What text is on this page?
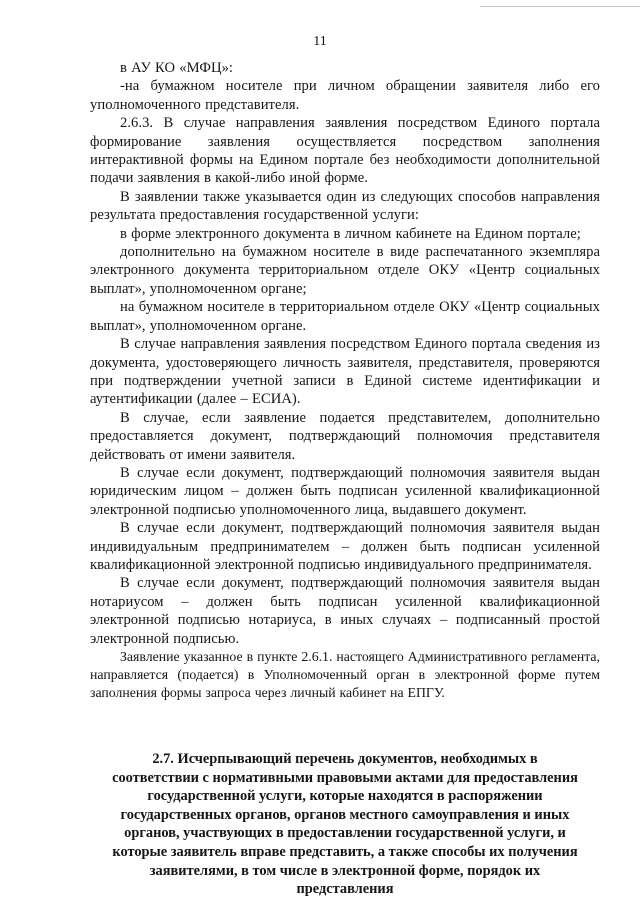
11

в АУ КО «МФЦ»:

-на бумажном носителе при личном обращении заявителя либо его уполномоченного представителя.

2.6.3. В случае направления заявления посредством Единого портала формирование заявления осуществляется посредством заполнения интерактивной формы на Едином портале без необходимости дополнительной подачи заявления в какой-либо иной форме.

В заявлении также указывается один из следующих способов направления результата предоставления государственной услуги:

в форме электронного документа в личном кабинете на Едином портале;

дополнительно на бумажном носителе в виде распечатанного экземпляра электронного документа территориальном отделе ОКУ «Центр социальных выплат», уполномоченном органе;

на бумажном носителе в территориальном отделе ОКУ «Центр социальных выплат», уполномоченном органе.

В случае направления заявления посредством Единого портала сведения из документа, удостоверяющего личность заявителя, представителя, проверяются при подтверждении учетной записи в Единой системе идентификации и аутентификации (далее – ЕСИА).

В случае, если заявление подается представителем, дополнительно предоставляется документ, подтверждающий полномочия представителя действовать от имени заявителя.

В случае если документ, подтверждающий полномочия заявителя выдан юридическим лицом – должен быть подписан усиленной квалификационной электронной подписью уполномоченного лица, выдавшего документ.

В случае если документ, подтверждающий полномочия заявителя выдан индивидуальным предпринимателем – должен быть подписан усиленной квалификационной электронной подписью индивидуального предпринимателя.

В случае если документ, подтверждающий полномочия заявителя выдан нотариусом – должен быть подписан усиленной квалификационной электронной подписью нотариуса, в иных случаях – подписанный простой электронной подписью.

Заявление указанное в пункте 2.6.1. настоящего Административного регламента, направляется (подается) в Уполномоченный орган в электронной форме путем заполнения формы запроса через личный кабинет на ЕПГУ.

2.7. Исчерпывающий перечень документов, необходимых в соответствии с нормативными правовыми актами для предоставления государственной услуги, которые находятся в распоряжении государственных органов, органов местного самоуправления и иных органов, участвующих в предоставлении государственной услуги, и которые заявитель вправе представить, а также способы их получения заявителями, в том числе в электронной форме, порядок их представления
